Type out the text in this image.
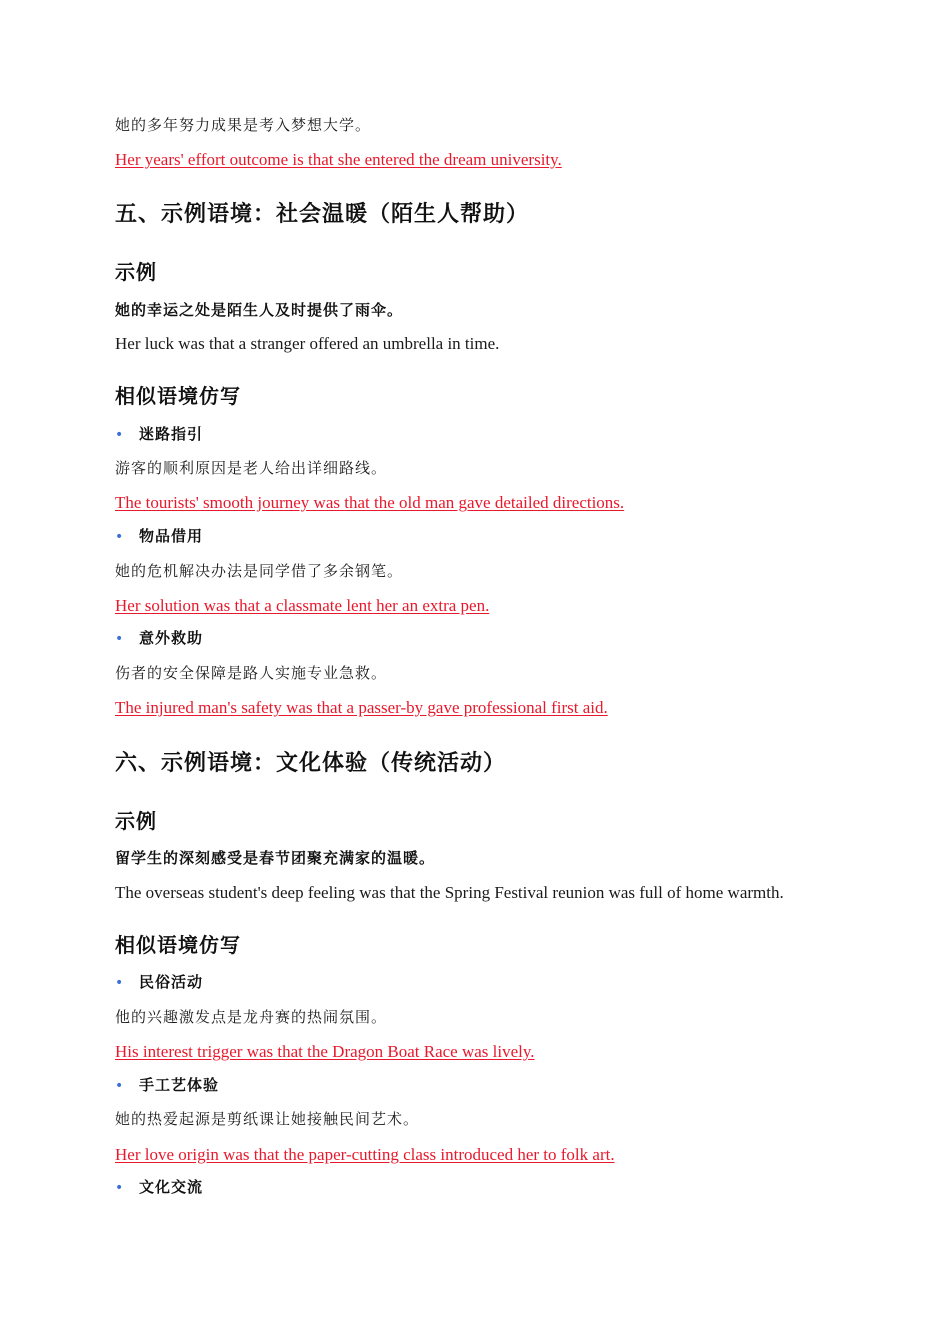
她的多年努力成果是考入梦想大学。
Her years' effort outcome is that she entered the dream university.
五、示例语境：社会温暖（陌生人帮助）
示例
她的幸运之处是陌生人及时提供了雨伞。
Her luck was that a stranger offered an umbrella in time.
相似语境仿写
• 迷路指引
游客的顺利原因是老人给出详细路线。
The tourists' smooth journey was that the old man gave detailed directions.
• 物品借用
她的危机解决办法是同学借了多余钢笔。
Her solution was that a classmate lent her an extra pen.
• 意外救助
伤者的安全保障是路人实施专业急救。
The injured man's safety was that a passer-by gave professional first aid.
六、示例语境：文化体验（传统活动）
示例
留学生的深刻感受是春节团聚充满家的温暖。
The overseas student's deep feeling was that the Spring Festival reunion was full of home warmth.
相似语境仿写
• 民俗活动
他的兴趣激发点是龙舟赛的热闹氛围。
His interest trigger was that the Dragon Boat Race was lively.
• 手工艺体验
她的热爱起源是剪纸课让她接触民间艺术。
Her love origin was that the paper-cutting class introduced her to folk art.
• 文化交流
